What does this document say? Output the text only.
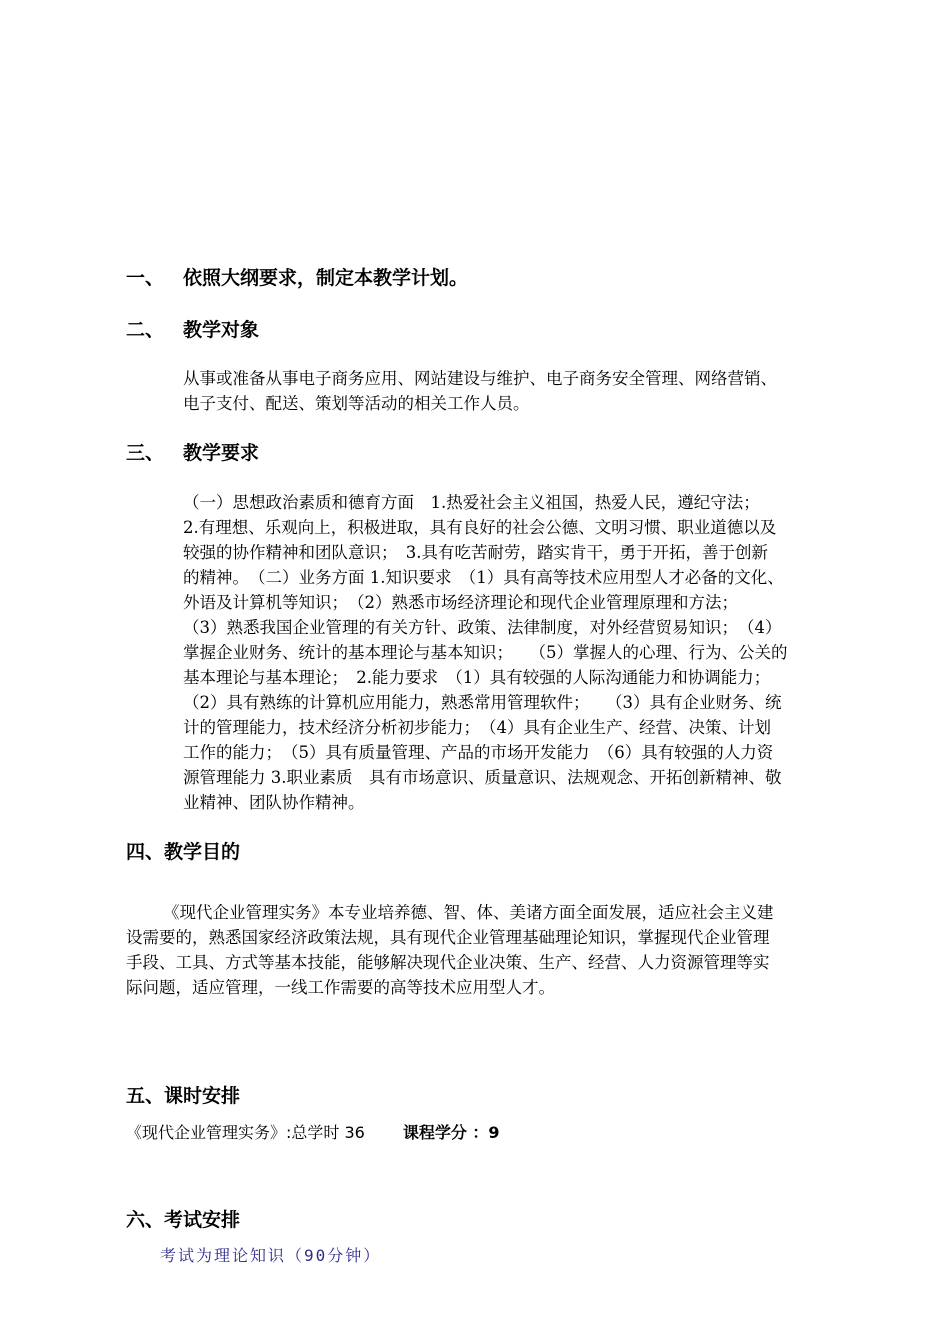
一、 依照大纲要求，制定本教学计划。
二、 教学对象
从事或准备从事电子商务应用、网站建设与维护、电子商务安全管理、网络营销、
电子支付、配送、策划等活动的相关工作人员。
三、 教学要求
（一）思想政治素质和德育方面　1.热爱社会主义祖国，热爱人民，遵纪守法；
2.有理想、乐观向上，积极进取，具有良好的社会公德、文明习惯、职业道德以及
较强的协作精神和团队意识；　3.具有吃苦耐劳，踏实肯干，勇于开拓，善于创新
的精神。　（二）业务方面 1.知识要求　（1）具有高等技术应用型人才必备的文化、
外语及计算机等知识；　（2）熟悉市场经济理论和现代企业管理原理和方法；
（3）熟悉我国企业管理的有关方针、政策、法律制度，对外经营贸易知识；　（4）
掌握企业财务、统计的基本理论与基本知识；　　（5）掌握人的心理、行为、公关的
基本理论与基本理论；　2.能力要求　（1）具有较强的人际沟通能力和协调能力；
（2）具有熟练的计算机应用能力，熟悉常用管理软件；　　（3）具有企业财务、统
计的管理能力，技术经济分析初步能力；　（4）具有企业生产、经营、决策、计划
工作的能力；　（5）具有质量管理、产品的市场开发能力　（6）具有较强的人力资
源管理能力 3.职业素质　具有市场意识、质量意识、法规观念、开拓创新精神、敬
业精神、团队协作精神。
四、教学目的
《现代企业管理实务》本专业培养德、智、体、美诸方面全面发展，适应社会主义建
设需要的，熟悉国家经济政策法规，具有现代企业管理基础理论知识，掌握现代企业管理
手段、工具、方式等基本技能，能够解决现代企业决策、生产、经营、人力资源管理等实
际问题，适应管理，一线工作需要的高等技术应用型人才。
五、课时安排
《现代企业管理实务》:总学时 36 课程学分 ：9
六、考试安排
考试为理论知识（90分钟）
